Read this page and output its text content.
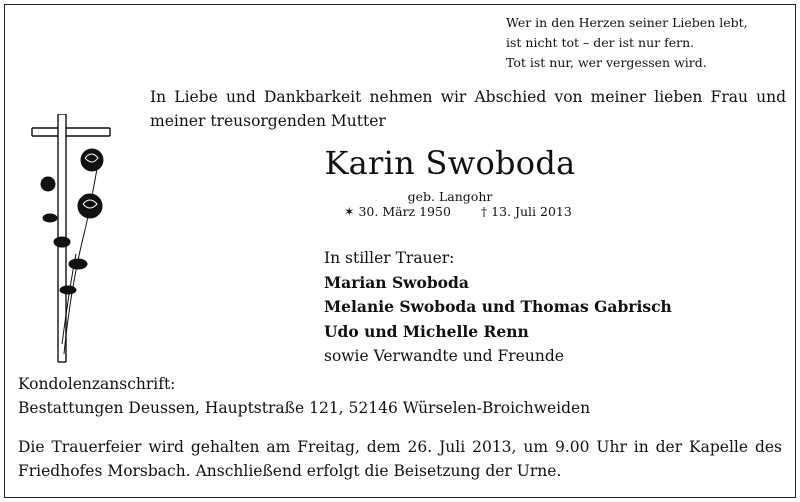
Wer in den Herzen seiner Lieben lebt,
ist nicht tot – der ist nur fern.
Tot ist nur, wer vergessen wird.
In Liebe und Dankbarkeit nehmen wir Abschied von meiner lieben Frau und meiner treusorgenden Mutter
Karin Swoboda
geb. Langohr
✶ 30. März 1950 † 13. Juli 2013
In stiller Trauer:
Marian Swoboda
Melanie Swoboda und Thomas Gabrisch
Udo und Michelle Renn
sowie Verwandte und Freunde
Kondolenzanschrift:
Bestattungen Deussen, Hauptstraße 121, 52146 Würselen-Broichweiden
Die Trauerfeier wird gehalten am Freitag, dem 26. Juli 2013, um 9.00 Uhr in der Kapelle des Friedhofes Morsbach. Anschließend erfolgt die Beisetzung der Urne.
